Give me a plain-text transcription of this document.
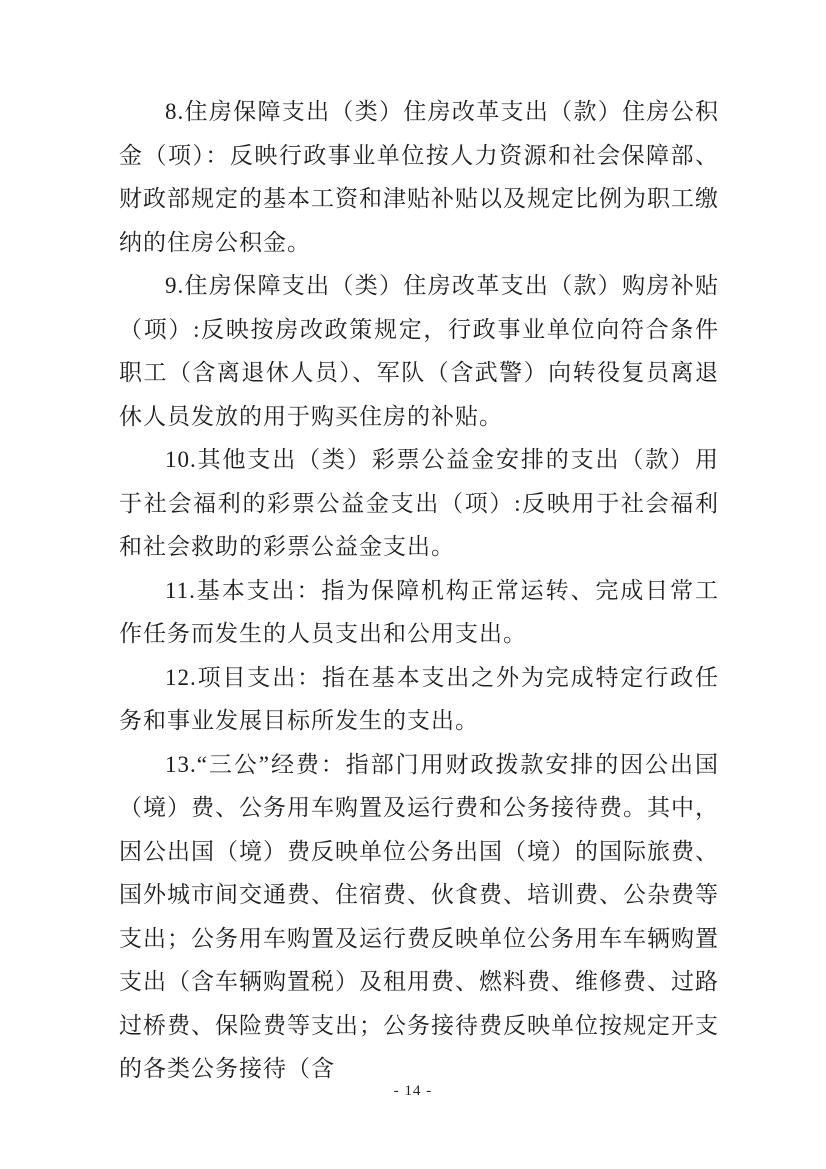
8.住房保障支出（类）住房改革支出（款）住房公积金（项）：反映行政事业单位按人力资源和社会保障部、财政部规定的基本工资和津贴补贴以及规定比例为职工缴纳的住房公积金。

9.住房保障支出（类）住房改革支出（款）购房补贴（项）:反映按房改政策规定，行政事业单位向符合条件职工（含离退休人员）、军队（含武警）向转役复员离退休人员发放的用于购买住房的补贴。

10.其他支出（类）彩票公益金安排的支出（款）用于社会福利的彩票公益金支出（项）:反映用于社会福利和社会救助的彩票公益金支出。

11.基本支出：指为保障机构正常运转、完成日常工作任务而发生的人员支出和公用支出。

12.项目支出：指在基本支出之外为完成特定行政任务和事业发展目标所发生的支出。

13.“三公”经费：指部门用财政拨款安排的因公出国（境）费、公务用车购置及运行费和公务接待费。其中，因公出国（境）费反映单位公务出国（境）的国际旅费、国外城市间交通费、住宿费、伙食费、培训费、公杂费等支出；公务用车购置及运行费反映单位公务用车车辆购置支出（含车辆购置税）及租用费、燃料费、维修费、过路过桥费、保险费等支出；公务接待费反映单位按规定开支的各类公务接待（含

- 14 -
